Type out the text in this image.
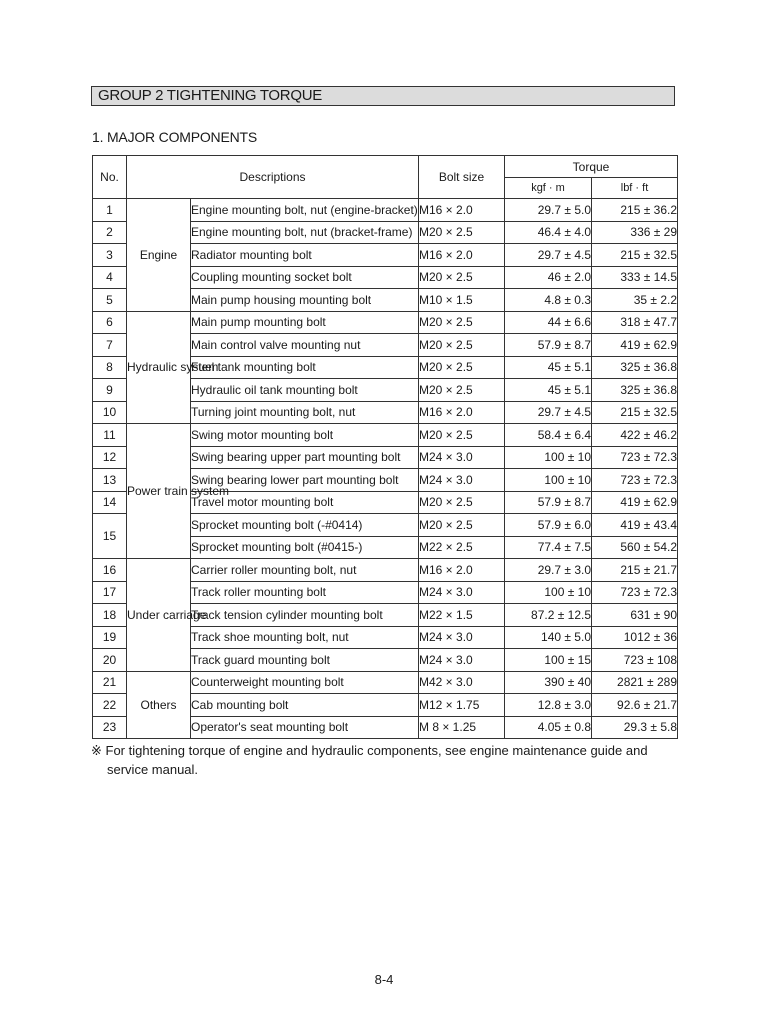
GROUP 2 TIGHTENING TORQUE
1. MAJOR COMPONENTS
No.	Descriptions		Bolt size	Torque	
				kgf · m	lbf · ft
1	Engine	Engine mounting bolt, nut (engine-bracket)	M16 × 2.0	29.7 ± 5.0	215 ± 36.2
2		Engine mounting bolt, nut (bracket-frame)	M20 × 2.5	46.4 ± 4.0	336 ± 29
3		Radiator mounting bolt	M16 × 2.0	29.7 ± 4.5	215 ± 32.5
4		Coupling mounting socket bolt	M20 × 2.5	46 ± 2.0	333 ± 14.5
5		Main pump housing mounting bolt	M10 × 1.5	4.8 ± 0.3	35 ± 2.2
6	Hydraulic system	Main pump mounting bolt	M20 × 2.5	44 ± 6.6	318 ± 47.7
7		Main control valve mounting nut	M20 × 2.5	57.9 ± 8.7	419 ± 62.9
8		Fuel tank mounting bolt	M20 × 2.5	45 ± 5.1	325 ± 36.8
9		Hydraulic oil tank mounting bolt	M20 × 2.5	45 ± 5.1	325 ± 36.8
10		Turning joint mounting bolt, nut	M16 × 2.0	29.7 ± 4.5	215 ± 32.5
11	Power train system	Swing motor mounting bolt	M20 × 2.5	58.4 ± 6.4	422 ± 46.2
12		Swing bearing upper part mounting bolt	M24 × 3.0	100 ± 10	723 ± 72.3
13		Swing bearing lower part mounting bolt	M24 × 3.0	100 ± 10	723 ± 72.3
14		Travel motor mounting bolt	M20 × 2.5	57.9 ± 8.7	419 ± 62.9
15		Sprocket mounting bolt (-#0414)	M20 × 2.5	57.9 ± 6.0	419 ± 43.4
		Sprocket mounting bolt (#0415-)	M22 × 2.5	77.4 ± 7.5	560 ± 54.2
16	Under carriage	Carrier roller mounting bolt, nut	M16 × 2.0	29.7 ± 3.0	215 ± 21.7
17		Track roller mounting bolt	M24 × 3.0	100 ± 10	723 ± 72.3
18		Track tension cylinder mounting bolt	M22 × 1.5	87.2 ± 12.5	631 ± 90
19		Track shoe mounting bolt, nut	M24 × 3.0	140 ± 5.0	1012 ± 36
20		Track guard mounting bolt	M24 × 3.0	100 ± 15	723 ± 108
21	Others	Counterweight mounting bolt	M42 × 3.0	390 ± 40	2821 ± 289
22		Cab mounting bolt	M12 × 1.75	12.8 ± 3.0	92.6 ± 21.7
23		Operator's seat mounting bolt	M 8 × 1.25	4.05 ± 0.8	29.3 ± 5.8
※ For tightening torque of engine and hydraulic components, see engine maintenance guide and
service manual.
8-4
